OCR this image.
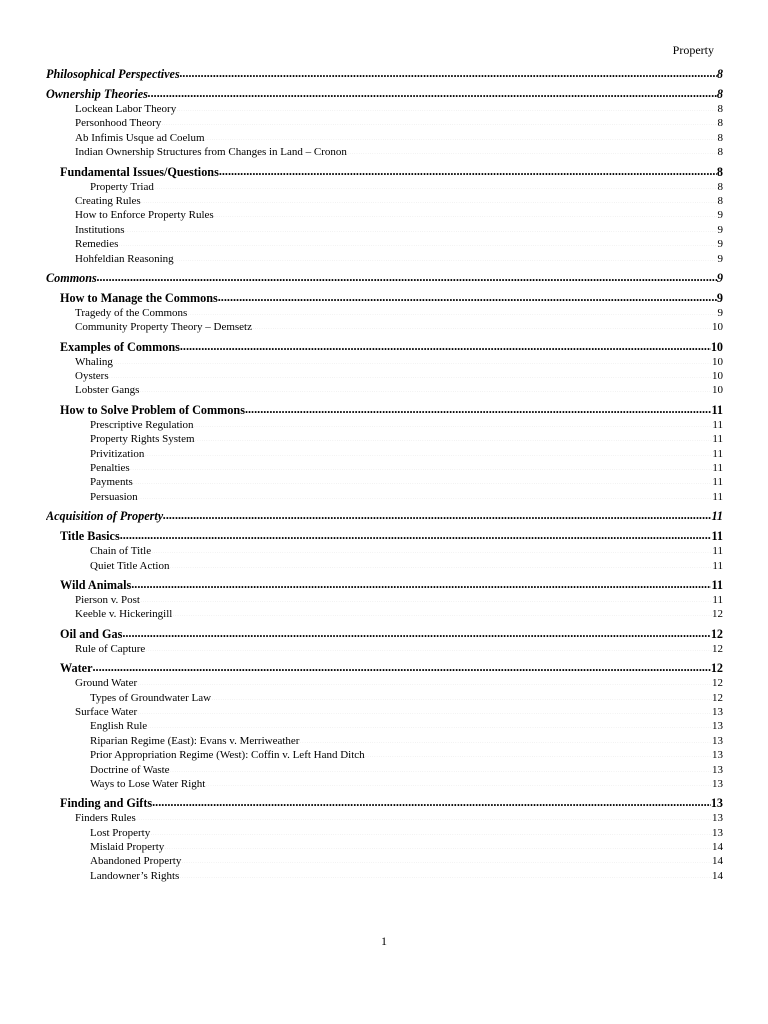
Property
Philosophical Perspectives .....	8
Ownership Theories .....	8
Lockean Labor Theory .....	8
Personhood Theory .....	8
Ab Infimis Usque ad Coelum .....	8
Indian Ownership Structures from Changes in Land – Cronon .....	8
Fundamental Issues/Questions .....	8
Property Triad .....	8
Creating Rules .....	8
How to Enforce Property Rules .....	9
Institutions .....	9
Remedies .....	9
Hohfeldian Reasoning .....	9
Commons .....	9
How to Manage the Commons .....	9
Tragedy of the Commons .....	9
Community Property Theory – Demsetz .....	10
Examples of Commons .....	10
Whaling .....	10
Oysters .....	10
Lobster Gangs .....	10
How to Solve Problem of Commons .....	11
Prescriptive Regulation .....	11
Property Rights System .....	11
Privitization .....	11
Penalties .....	11
Payments .....	11
Persuasion .....	11
Acquisition of Property .....	11
Title Basics .....	11
Chain of Title .....	11
Quiet Title Action .....	11
Wild Animals .....	11
Pierson v. Post .....	11
Keeble v. Hickeringill .....	12
Oil and Gas .....	12
Rule of Capture .....	12
Water .....	12
Ground Water .....	12
Types of Groundwater Law .....	12
Surface Water .....	13
English Rule .....	13
Riparian Regime (East): Evans v. Merriweather .....	13
Prior Appropriation Regime (West): Coffin v. Left Hand Ditch .....	13
Doctrine of Waste .....	13
Ways to Lose Water Right .....	13
Finding and Gifts .....	13
Finders Rules .....	13
Lost Property .....	13
Mislaid Property .....	14
Abandoned Property .....	14
Landowner’s Rights .....	14
1
